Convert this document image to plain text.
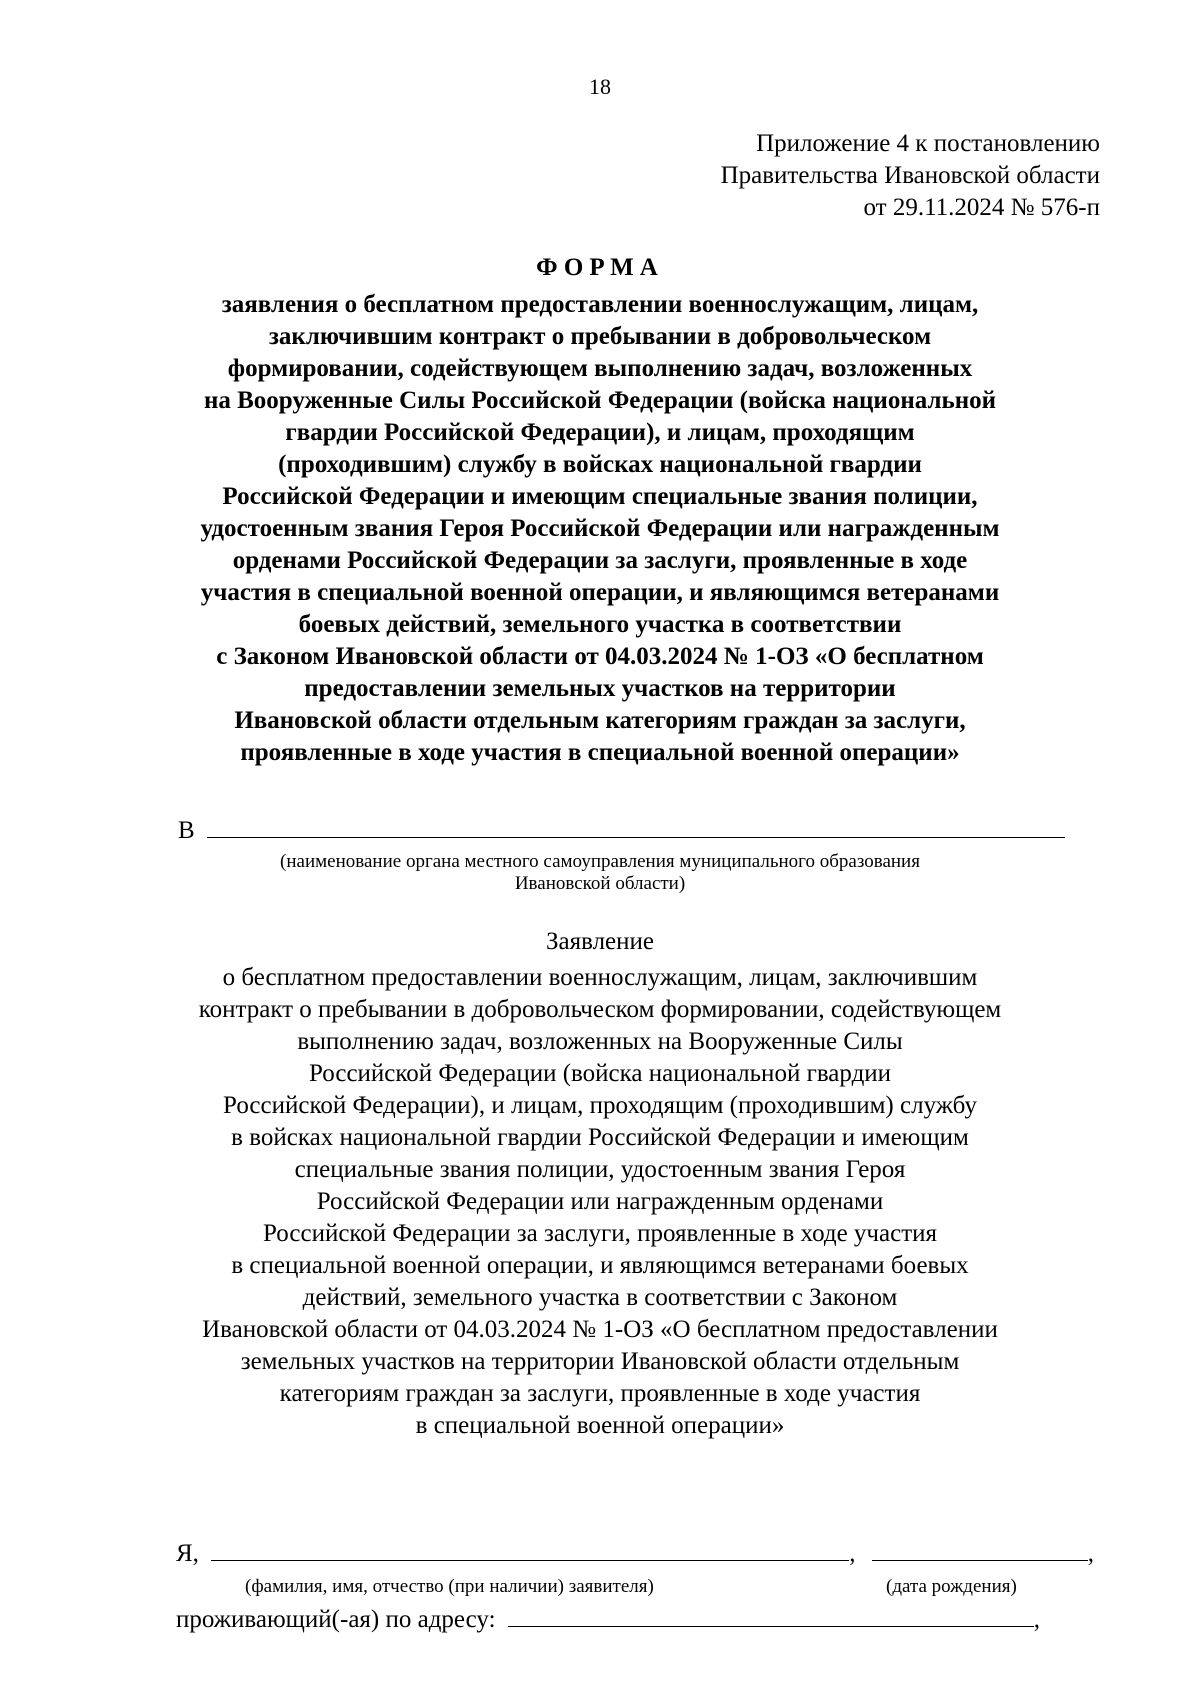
18
Приложение 4 к постановлению
Правительства Ивановской области
от 29.11.2024 № 576-п
ФОРМА
заявления о бесплатном предоставлении военнослужащим, лицам,
заключившим контракт о пребывании в добровольческом
формировании, содействующем выполнению задач, возложенных
на Вооруженные Силы Российской Федерации (войска национальной
гвардии Российской Федерации), и лицам, проходящим
(проходившим) службу в войсках национальной гвардии
Российской Федерации и имеющим специальные звания полиции,
удостоенным звания Героя Российской Федерации или награжденным
орденами Российской Федерации за заслуги, проявленные в ходе
участия в специальной военной операции, и являющимся ветеранами
боевых действий, земельного участка в соответствии
с Законом Ивановской области от 04.03.2024 № 1-ОЗ «О бесплатном
предоставлении земельных участков на территории
Ивановской области отдельным категориям граждан за заслуги,
проявленные в ходе участия в специальной военной операции»
В
(наименование органа местного самоуправления муниципального образования
Ивановской области)
Заявление
о бесплатном предоставлении военнослужащим, лицам, заключившим
контракт о пребывании в добровольческом формировании, содействующем
выполнению задач, возложенных на Вооруженные Силы
Российской Федерации (войска национальной гвардии
Российской Федерации), и лицам, проходящим (проходившим) службу
в войсках национальной гвардии Российской Федерации и имеющим
специальные звания полиции, удостоенным звания Героя
Российской Федерации или награжденным орденами
Российской Федерации за заслуги, проявленные в ходе участия
в специальной военной операции, и являющимся ветеранами боевых
действий, земельного участка в соответствии с Законом
Ивановской области от 04.03.2024 № 1-ОЗ «О бесплатном предоставлении
земельных участков на территории Ивановской области отдельным
категориям граждан за заслуги, проявленные в ходе участия
в специальной военной операции»
Я,	,	,
(фамилия, имя, отчество (при наличии) заявителя)	(дата рождения)
проживающий(-ая) по адресу:	,
